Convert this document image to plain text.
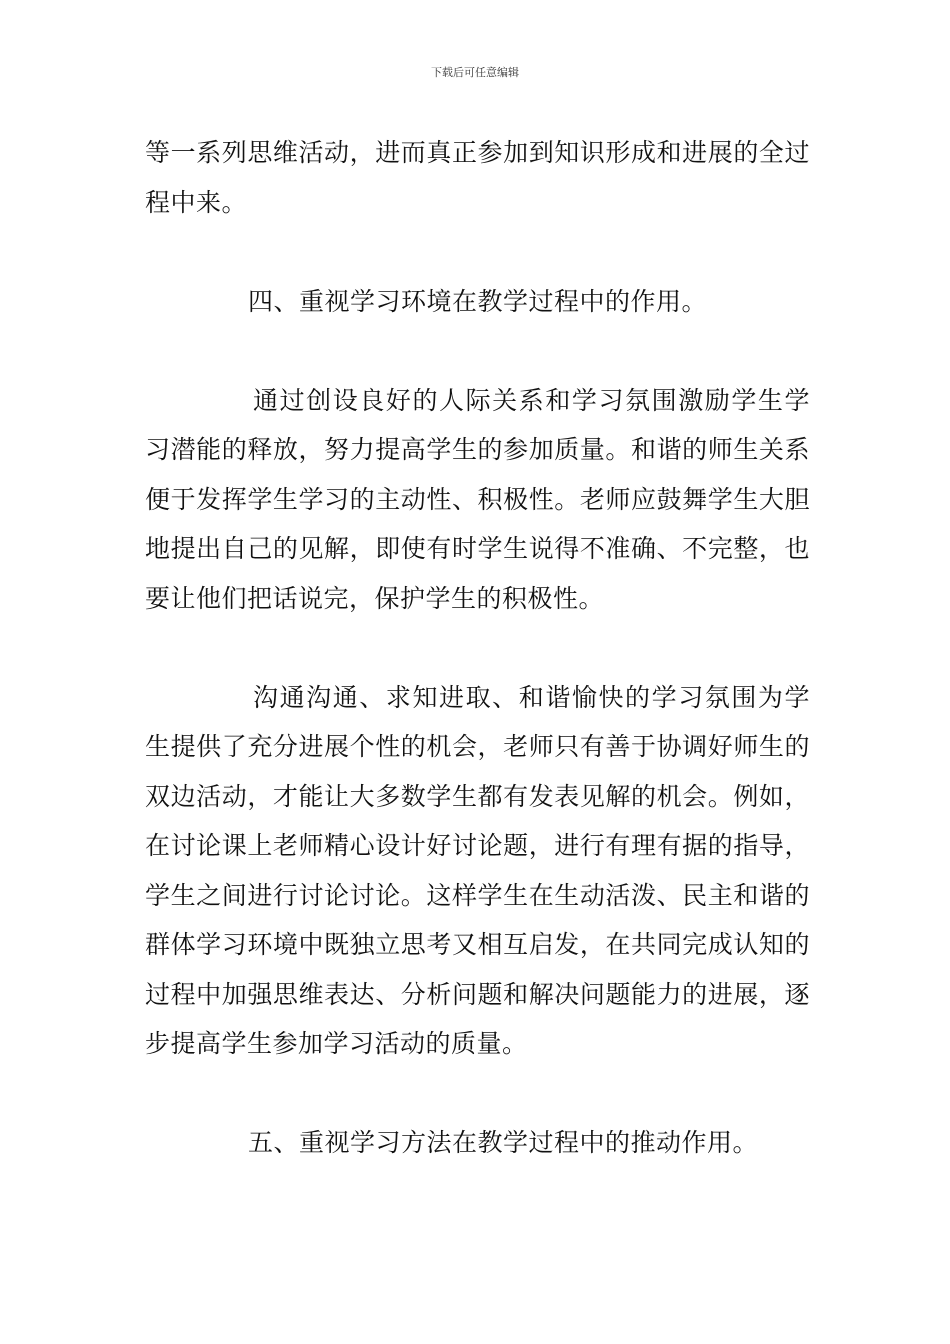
下载后可任意编辑

等一系列思维活动，进而真正参加到知识形成和进展的全过程中来。

四、重视学习环境在教学过程中的作用。

通过创设良好的人际关系和学习氛围激励学生学习潜能的释放，努力提高学生的参加质量。和谐的师生关系便于发挥学生学习的主动性、积极性。老师应鼓舞学生大胆地提出自己的见解，即使有时学生说得不准确、不完整，也要让他们把话说完，保护学生的积极性。

沟通沟通、求知进取、和谐愉快的学习氛围为学生提供了充分进展个性的机会，老师只有善于协调好师生的双边活动，才能让大多数学生都有发表见解的机会。例如，在讨论课上老师精心设计好讨论题，进行有理有据的指导，学生之间进行讨论讨论。这样学生在生动活泼、民主和谐的群体学习环境中既独立思考又相互启发，在共同完成认知的过程中加强思维表达、分析问题和解决问题能力的进展，逐步提高学生参加学习活动的质量。

五、重视学习方法在教学过程中的推动作用。
